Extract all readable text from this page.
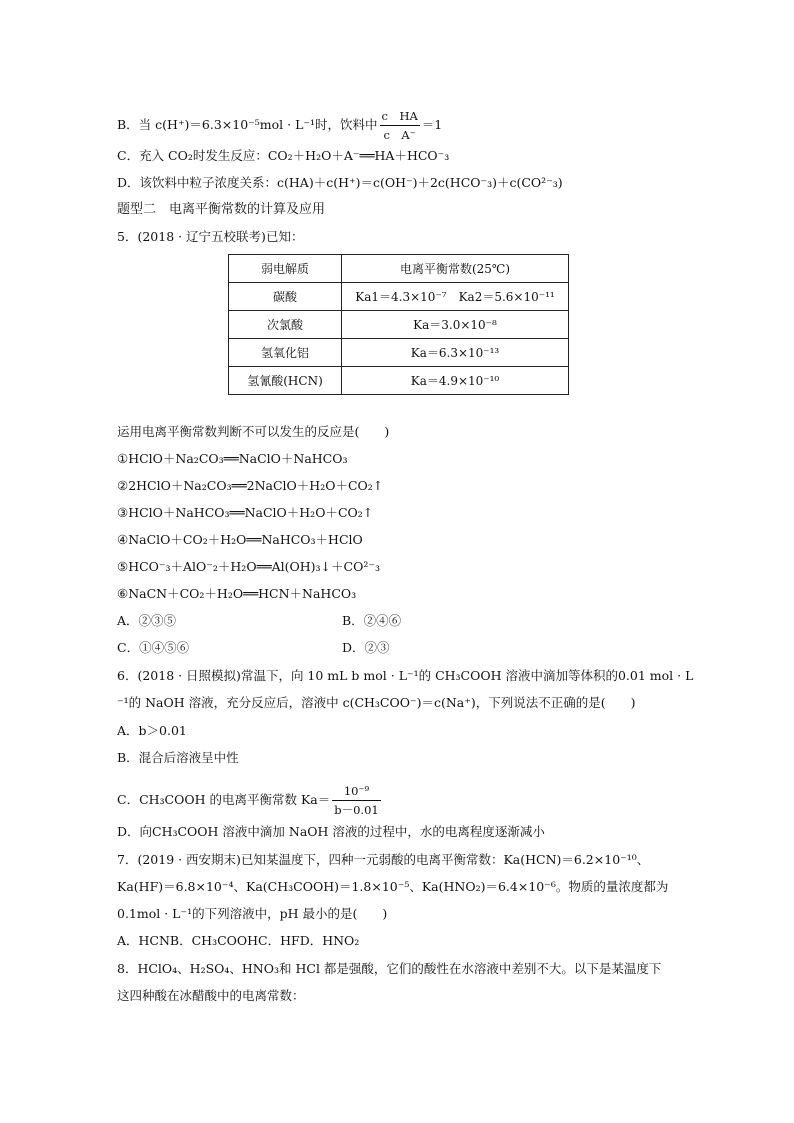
B．当 c(H⁺)＝6.3×10⁻⁵mol · L⁻¹时，饮料中 $\frac{\text{c　HA}}{\text{c　A⁻}} =1$
C．充入 CO₂时发生反应：CO₂＋H₂O＋A⁻══HA＋HCO⁻₃
D．该饮料中粒子浓度关系：c(HA)＋c(H⁺)＝c(OH⁻)＋2c(HCO⁻₃)＋c(CO²⁻₃)
题型二　电离平衡常数的计算及应用
5．(2018 · 辽宁五校联考)已知：
弱电解质	电离平衡常数(25℃)
碳酸	Ka1＝4.3×10⁻⁷　Ka2＝5.6×10⁻¹¹
次氯酸	Ka＝3.0×10⁻⁸
氢氧化铝	Ka＝6.3×10⁻¹³
氢氰酸(HCN)	Ka＝4.9×10⁻¹⁰
运用电离平衡常数判断不可以发生的反应是(　　)
①HClO＋Na₂CO₃══NaClO＋NaHCO₃
②2HClO＋Na₂CO₃══2NaClO＋H₂O＋CO₂↑
③HClO＋NaHCO₃══NaClO＋H₂O＋CO₂↑
④NaClO＋CO₂＋H₂O══NaHCO₃＋HClO
⑤HCO⁻₃＋AlO⁻₂＋H₂O══Al(OH)₃↓＋CO²⁻₃
⑥NaCN＋CO₂＋H₂O══HCN＋NaHCO₃
A．②③⑤	B．②④⑥
C．①④⑤⑥	D．②③
6．(2018 · 日照模拟)常温下，向 10 mL b mol · L⁻¹的 CH₃COOH 溶液中滴加等体积的0.01 mol · L
⁻¹的 NaOH 溶液，充分反应后，溶液中 c(CH₃COO⁻)＝c(Na⁺)，下列说法不正确的是(　　)
A．b＞0.01
B．混合后溶液呈中性
C．CH₃COOH 的电离平衡常数 $Ka= \frac{\text{10⁻⁹}}{b-0.01}$
D．向CH₃COOH 溶液中滴加 NaOH 溶液的过程中，水的电离程度逐渐减小
7．(2019 · 西安期末)已知某温度下，四种一元弱酸的电离平衡常数：Ka(HCN)＝6.2×10⁻¹⁰、
Ka(HF)＝6.8×10⁻⁴、Ka(CH₃COOH)＝1.8×10⁻⁵、Ka(HNO₂)＝6.4×10⁻⁶。物质的量浓度都为
0.1mol · L⁻¹的下列溶液中，pH 最小的是(　　)
A．HCNB．CH₃COOHC．HFD．HNO₂
8．HClO₄、H₂SO₄、HNO₃和 HCl 都是强酸，它们的酸性在水溶液中差别不大。以下是某温度下
这四种酸在冰醋酸中的电离常数：
